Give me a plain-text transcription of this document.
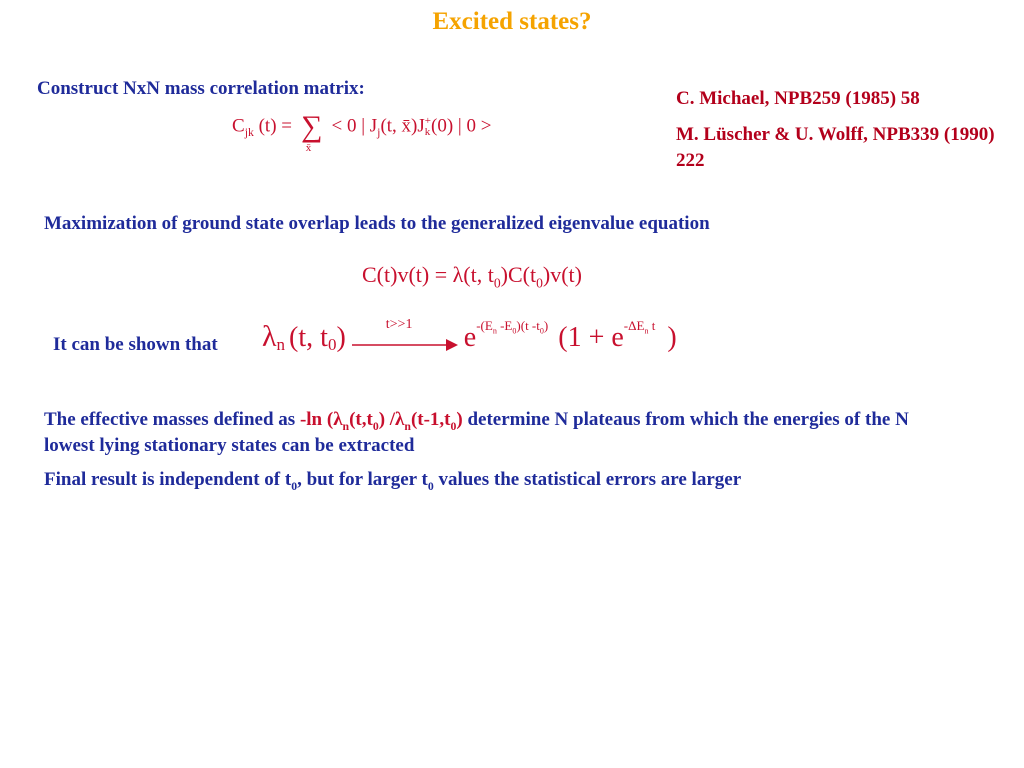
Excited states?
Construct NxN mass correlation matrix:
$C_{jk}$ (t) = ∑
x̄
< 0 | $J_j(t$, x̄)J +
k (0) | 0 >

C. Michael, NPB259 (1985) 58

M. Lüscher & U. Wolff, NPB339 (1990) 222

Maximization of ground state overlap leads to the generalized eigenvalue equation
C(t)v(t) = λ(t, $t_0)C(t_0)v(t)$
It can be shown that $\lambda_n$ (t, $t_0$)	t>>1 $e-(E_n$ $-E_0)(t$ $-t_0$) ($1 + e-\Delta E_n$ t )

The effective masses defined as -ln ($\lambda_n(t,t_0)$ $/\lambda_n(t-1,t_0)$ determine N plateaus from which the energies of the N lowest lying stationary states can be extracted

Final result is independent of $t_0$, but for larger $t_0$ values the statistical errors are larger
